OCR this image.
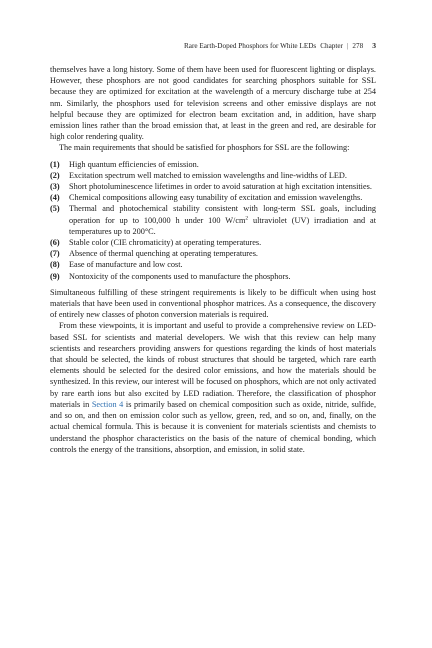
Rare Earth-Doped Phosphors for White LEDs Chapter | 278 3

themselves have a long history. Some of them have been used for fluorescent lighting or displays. However, these phosphors are not good candidates for searching phosphors suitable for SSL because they are optimized for excitation at the wavelength of a mercury discharge tube at 254 nm. Similarly, the phosphors used for television screens and other emissive displays are not helpful because they are optimized for electron beam excitation and, in addition, have sharp emission lines rather than the broad emission that, at least in the green and red, are desirable for high color rendering quality.

The main requirements that should be satisfied for phosphors for SSL are the following:

(1)	High quantum efficiencies of emission.
(2)	Excitation spectrum well matched to emission wavelengths and line-widths of LED.
(3)	Short photoluminescence lifetimes in order to avoid saturation at high excitation intensities.
(4)	Chemical compositions allowing easy tunability of excitation and emission wavelengths.
(5)	Thermal and photochemical stability consistent with long-term SSL goals, including operation for up to 100,000 h under 100 $W/cm^2$ ultraviolet (UV) irradiation and at temperatures up to 200°C.
(6)	Stable color (CIE chromaticity) at operating temperatures.
(7)	Absence of thermal quenching at operating temperatures.
(8)	Ease of manufacture and low cost.
(9)	Nontoxicity of the components used to manufacture the phosphors.

Simultaneous fulfilling of these stringent requirements is likely to be difficult when using host materials that have been used in conventional phosphor matrices. As a consequence, the discovery of entirely new classes of photon conversion materials is required.

From these viewpoints, it is important and useful to provide a comprehensive review on LED-based SSL for scientists and material developers. We wish that this review can help many scientists and researchers providing answers for questions regarding the kinds of host materials that should be selected, the kinds of robust structures that should be targeted, which rare earth elements should be selected for the desired color emissions, and how the materials should be synthesized. In this review, our interest will be focused on phosphors, which are not only activated by rare earth ions but also excited by LED radiation. Therefore, the classification of phosphor materials in Section 4 is primarily based on chemical composition such as oxide, nitride, sulfide, and so on, and then on emission color such as yellow, green, red, and so on, and, finally, on the actual chemical formula. This is because it is convenient for materials scientists and chemists to understand the phosphor characteristics on the basis of the nature of chemical bonding, which controls the energy of the transitions, absorption, and emission, in solid state.
